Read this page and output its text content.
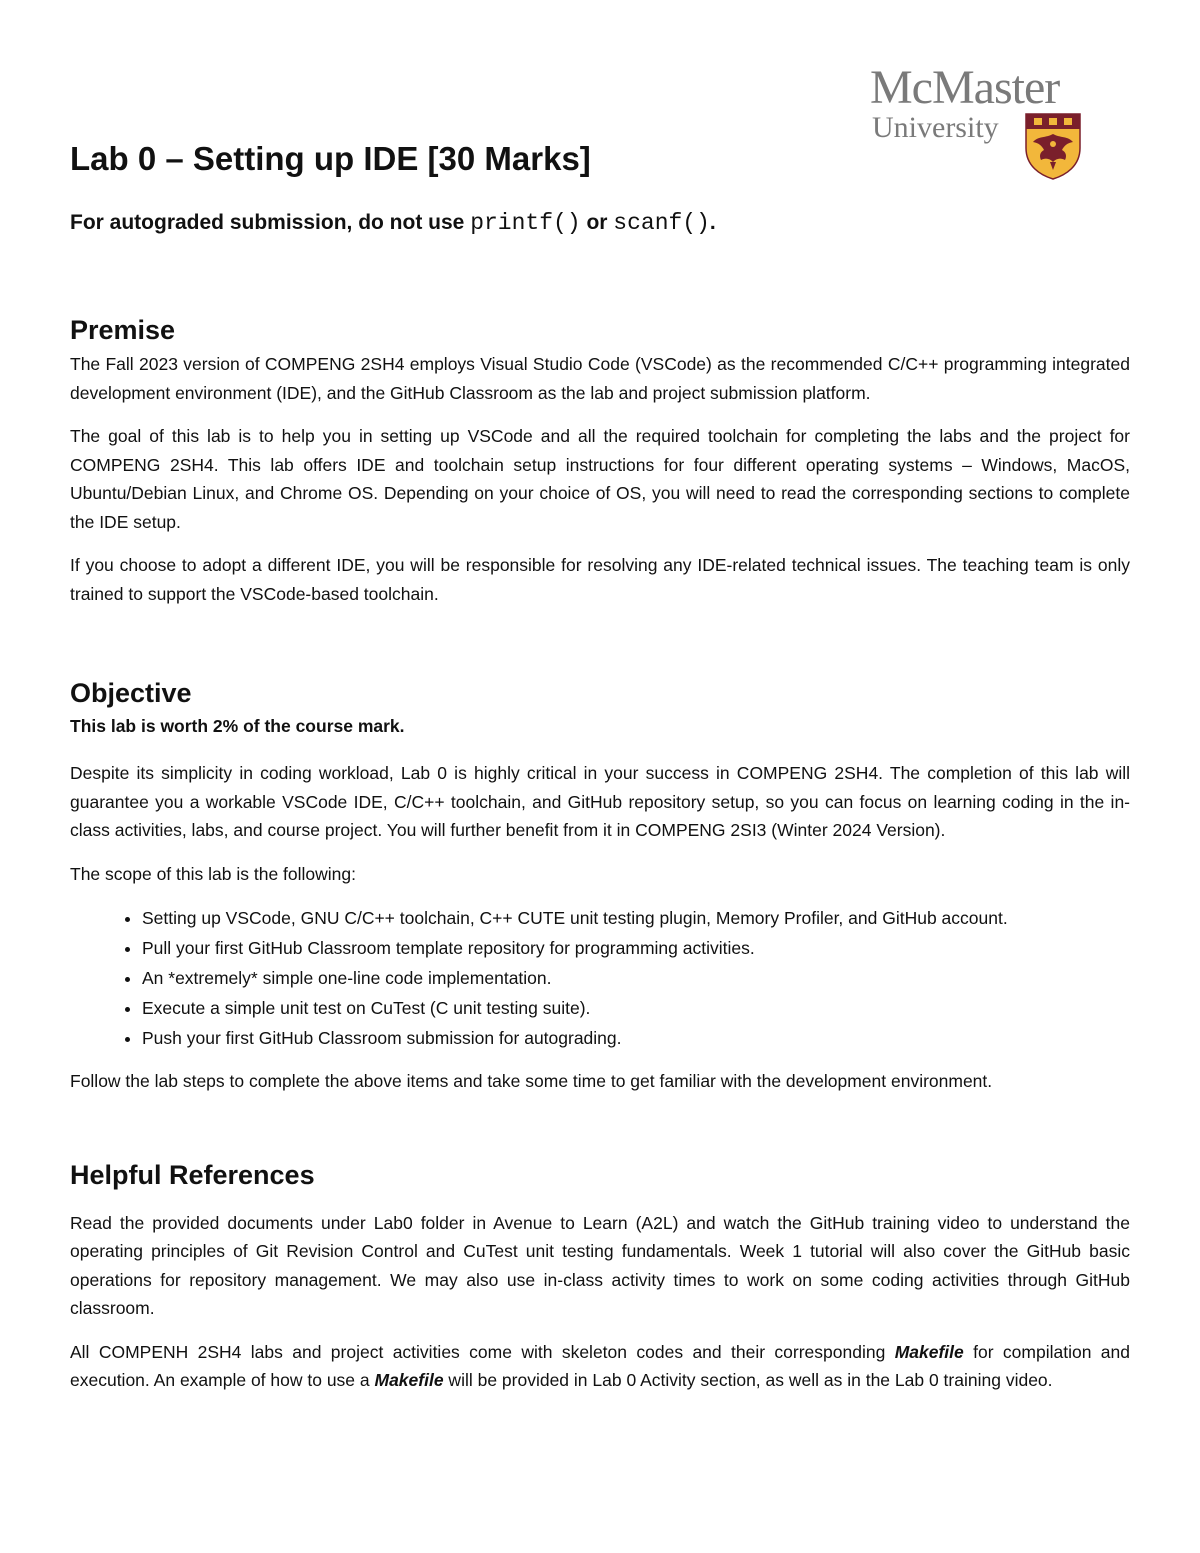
McMaster
University
Lab 0 – Setting up IDE [30 Marks]
For autograded submission, do not use printf() or scanf().
Premise

The Fall 2023 version of COMPENG 2SH4 employs Visual Studio Code (VSCode) as the recommended C/C++ programming integrated development environment (IDE), and the GitHub Classroom as the lab and project submission platform.

The goal of this lab is to help you in setting up VSCode and all the required toolchain for completing the labs and the project for COMPENG 2SH4. This lab offers IDE and toolchain setup instructions for four different operating systems – Windows, MacOS, Ubuntu/Debian Linux, and Chrome OS. Depending on your choice of OS, you will need to read the corresponding sections to complete the IDE setup.

If you choose to adopt a different IDE, you will be responsible for resolving any IDE-related technical issues. The teaching team is only trained to support the VSCode-based toolchain.

Objective

This lab is worth 2% of the course mark.

Despite its simplicity in coding workload, Lab 0 is highly critical in your success in COMPENG 2SH4. The completion of this lab will guarantee you a workable VSCode IDE, C/C++ toolchain, and GitHub repository setup, so you can focus on learning coding in the in-class activities, labs, and course project. You will further benefit from it in COMPENG 2SI3 (Winter 2024 Version).

The scope of this lab is the following:

• Setting up VSCode, GNU C/C++ toolchain, C++ CUTE unit testing plugin, Memory Profiler, and GitHub account.
• Pull your first GitHub Classroom template repository for programming activities.
• An *extremely* simple one-line code implementation.
• Execute a simple unit test on CuTest (C unit testing suite).
• Push your first GitHub Classroom submission for autograding.

Follow the lab steps to complete the above items and take some time to get familiar with the development environment.

Helpful References

Read the provided documents under Lab0 folder in Avenue to Learn (A2L) and watch the GitHub training video to understand the operating principles of Git Revision Control and CuTest unit testing fundamentals. Week 1 tutorial will also cover the GitHub basic operations for repository management. We may also use in-class activity times to work on some coding activities through GitHub classroom.

All COMPENH 2SH4 labs and project activities come with skeleton codes and their corresponding Makefile for compilation and execution. An example of how to use a Makefile will be provided in Lab 0 Activity section, as well as in the Lab 0 training video.
